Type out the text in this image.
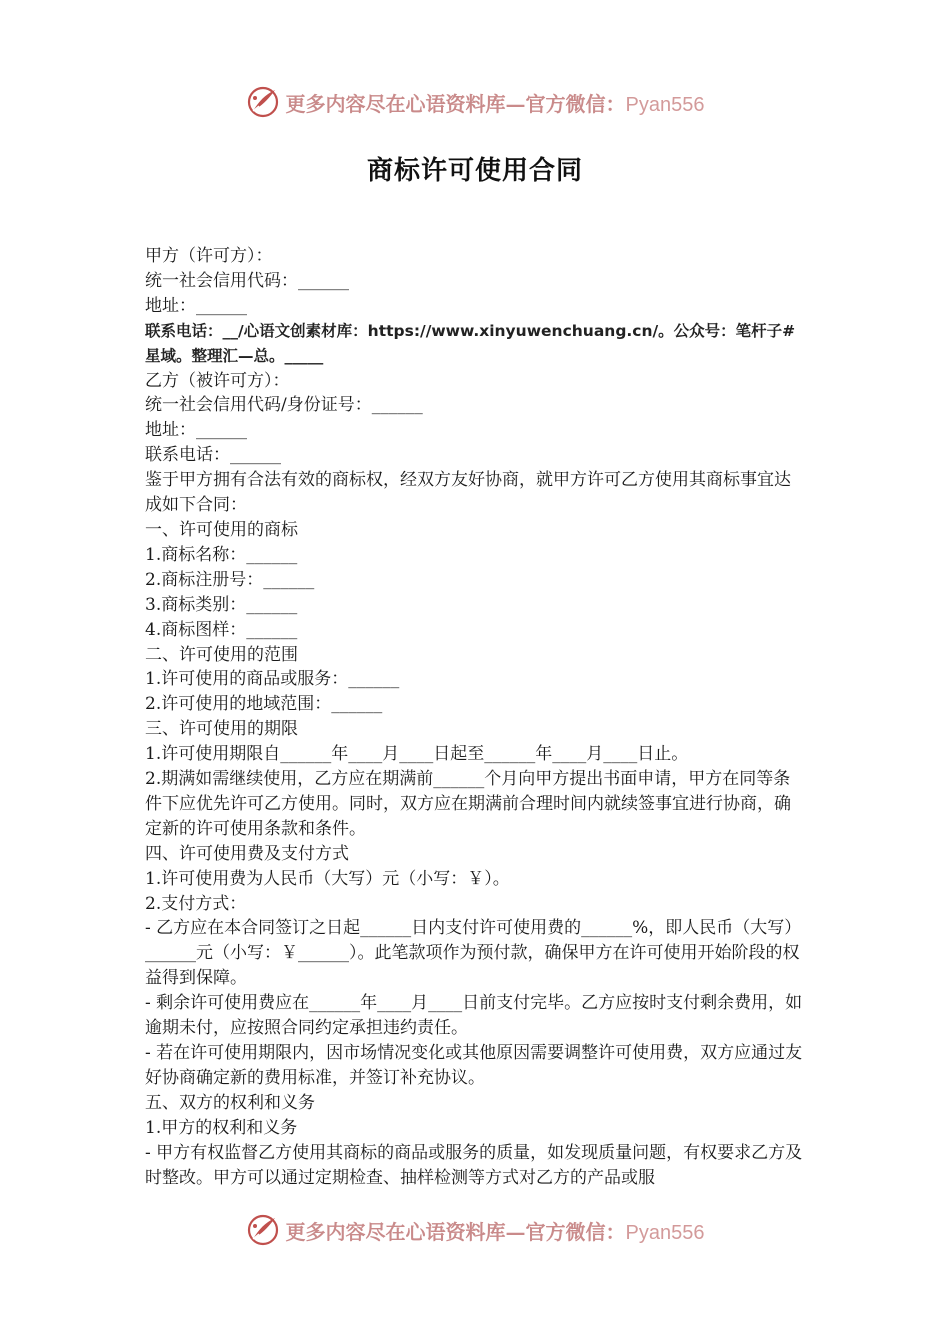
更多内容尽在心语资料库—官方微信：Pyan556
商标许可使用合同

甲方（许可方）：

统一社会信用代码：______

地址：______

联系电话：__/心语文创素材库：https://www.xinyuwenchuang.cn/。公众号：笔杆子#星域。整理汇—总。_____

乙方（被许可方）：

统一社会信用代码/身份证号：______

地址：______

联系电话：______

鉴于甲方拥有合法有效的商标权，经双方友好协商，就甲方许可乙方使用其商标事宜达成如下合同：

一、许可使用的商标

1.商标名称：______

2.商标注册号：______

3.商标类别：______

4.商标图样：______

二、许可使用的范围

1.许可使用的商品或服务：______

2.许可使用的地域范围：______

三、许可使用的期限

1.许可使用期限自______年____月____日起至______年____月____日止。

2.期满如需继续使用，乙方应在期满前______个月向甲方提出书面申请，甲方在同等条件下应优先许可乙方使用。同时，双方应在期满前合理时间内就续签事宜进行协商，确定新的许可使用条款和条件。

四、许可使用费及支付方式

1.许可使用费为人民币（大写）元（小写：￥）。

2.支付方式：

- 乙方应在本合同签订之日起______日内支付许可使用费的______%，即人民币（大写）______元（小写：￥______）。此笔款项作为预付款，确保甲方在许可使用开始阶段的权益得到保障。

- 剩余许可使用费应在______年____月____日前支付完毕。乙方应按时支付剩余费用，如逾期未付，应按照合同约定承担违约责任。

- 若在许可使用期限内，因市场情况变化或其他原因需要调整许可使用费，双方应通过友好协商确定新的费用标准，并签订补充协议。

五、双方的权利和义务

1.甲方的权利和义务

- 甲方有权监督乙方使用其商标的商品或服务的质量，如发现质量问题，有权要求乙方及时整改。甲方可以通过定期检查、抽样检测等方式对乙方的产品或服

更多内容尽在心语资料库—官方微信：Pyan556
